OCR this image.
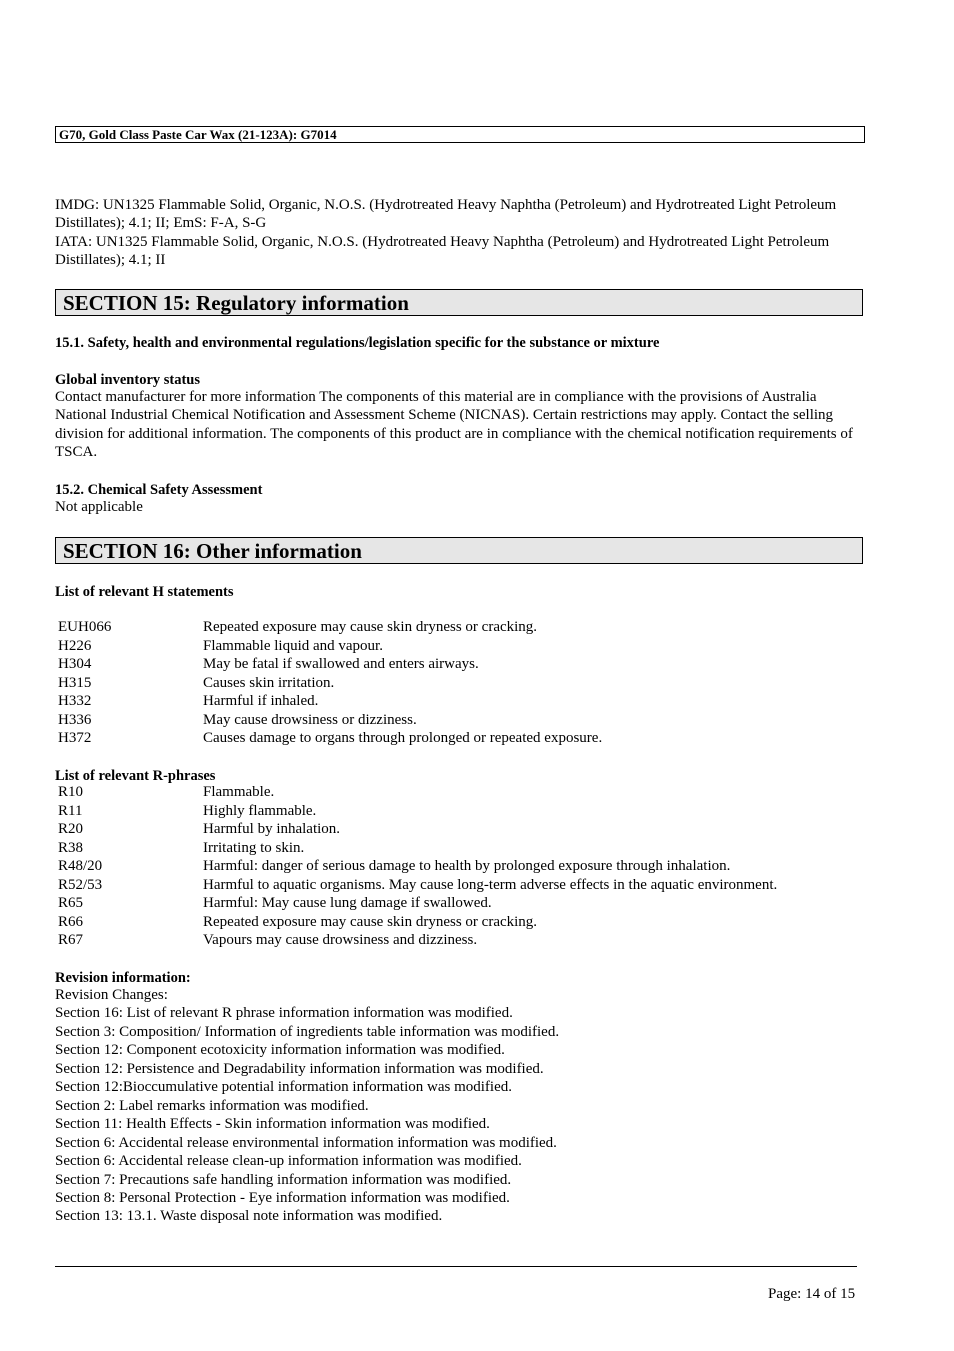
G70, Gold Class Paste Car Wax (21-123A): G7014

IMDG: UN1325 Flammable Solid, Organic, N.O.S. (Hydrotreated Heavy Naphtha (Petroleum) and Hydrotreated Light Petroleum Distillates); 4.1; II; EmS: F-A, S-G

IATA: UN1325 Flammable Solid, Organic, N.O.S. (Hydrotreated Heavy Naphtha (Petroleum) and Hydrotreated Light Petroleum Distillates); 4.1; II

SECTION 15: Regulatory information
15.1. Safety, health and environmental regulations/legislation specific for the substance or mixture
Global inventory status

Contact manufacturer for more information The components of this material are in compliance with the provisions of Australia National Industrial Chemical Notification and Assessment Scheme (NICNAS). Certain restrictions may apply. Contact the selling division for additional information. The components of this product are in compliance with the chemical notification requirements of TSCA.

15.2. Chemical Safety Assessment
Not applicable
SECTION 16: Other information
List of relevant H statements
EUH066	Repeated exposure may cause skin dryness or cracking.
H226	Flammable liquid and vapour.
H304	May be fatal if swallowed and enters airways.
H315	Causes skin irritation.
H332	Harmful if inhaled.
H336	May cause drowsiness or dizziness.
H372	Causes damage to organs through prolonged or repeated exposure.
List of relevant R-phrases
R10	Flammable.
R11	Highly flammable.
R20	Harmful by inhalation.
R38	Irritating to skin.
R48/20	Harmful: danger of serious damage to health by prolonged exposure through inhalation.
R52/53	Harmful to aquatic organisms. May cause long-term adverse effects in the aquatic environment.
R65	Harmful: May cause lung damage if swallowed.
R66	Repeated exposure may cause skin dryness or cracking.
R67	Vapours may cause drowsiness and dizziness.
Revision information:
Revision Changes:
Section 16: List of relevant R phrase information information was modified.
Section 3: Composition/ Information of ingredients table information was modified.
Section 12: Component ecotoxicity information information was modified.
Section 12: Persistence and Degradability information information was modified.
Section 12:Bioccumulative potential information information was modified.
Section 2: Label remarks information was modified.
Section 11: Health Effects - Skin information information was modified.
Section 6: Accidental release environmental information information was modified.
Section 6: Accidental release clean-up information information was modified.
Section 7: Precautions safe handling information information was modified.
Section 8: Personal Protection - Eye information information was modified.
Section 13: 13.1. Waste disposal note information was modified.
Page: 14 of 15
